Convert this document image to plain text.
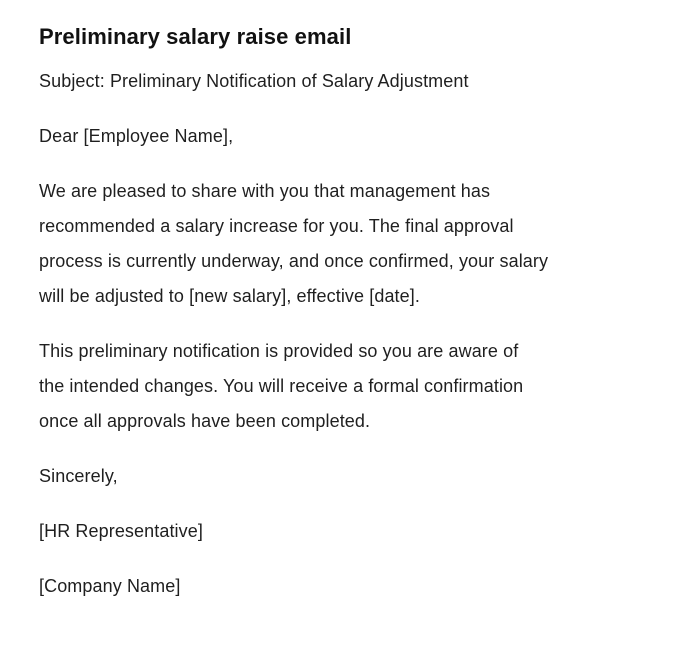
Preliminary salary raise email

Subject: Preliminary Notification of Salary Adjustment

Dear [Employee Name],

We are pleased to share with you that management has
recommended a salary increase for you. The final approval
process is currently underway, and once confirmed, your salary
will be adjusted to [new salary], effective [date].

This preliminary notification is provided so you are aware of
the intended changes. You will receive a formal confirmation
once all approvals have been completed.

Sincerely,

[HR Representative]

[Company Name]
